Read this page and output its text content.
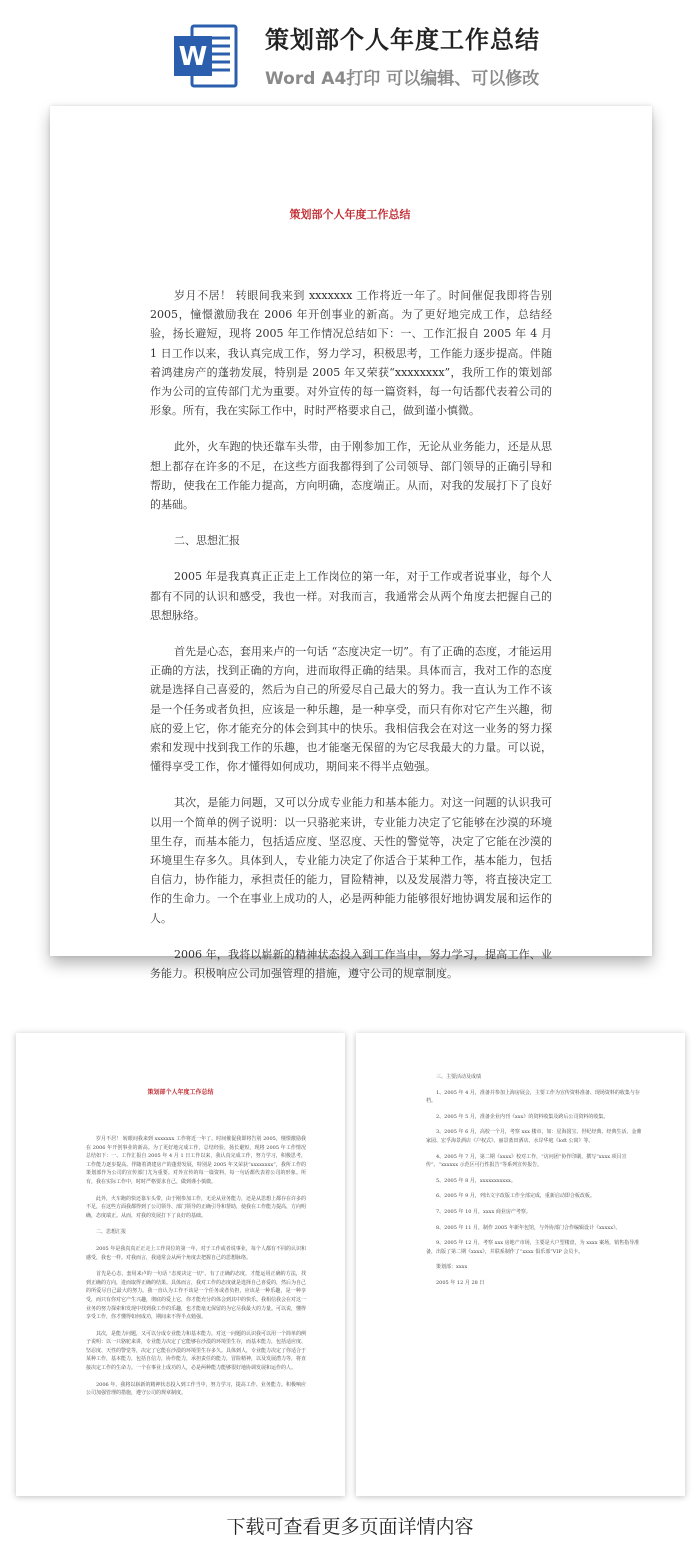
W
策划部个人年度工作总结
Word A4打印 可以编辑、可以修改
策划部个人年度工作总结

岁月不居！ 转眼间我来到 xxxxxxx 工作将近一年了。时间催促我即将告别 2005，憧憬激励我在 2006 年开创事业的新高。为了更好地完成工作，总结经验，扬长避短，现将 2005 年工作情况总结如下：一、工作汇报自 2005 年 4 月 1 日工作以来，我认真完成工作，努力学习，积极思考，工作能力逐步提高。伴随着鸿建房产的蓬勃发展，特别是 2005 年又荣获“xxxxxxxx”，我所工作的策划部作为公司的宣传部门尤为重要。对外宣传的每一篇资料，每一句话都代表着公司的形象。所有，我在实际工作中，时时严格要求自己，做到谨小慎微。

此外，火车跑的快还靠车头带，由于刚参加工作，无论从业务能力，还是从思想上都存在许多的不足，在这些方面我都得到了公司领导、部门领导的正确引导和帮助，使我在工作能力提高，方向明确，态度端正。从而，对我的发展打下了良好的基础。

二、思想汇报

2005 年是我真真正正走上工作岗位的第一年，对于工作或者说事业，每个人都有不同的认识和感受，我也一样。对我而言，我通常会从两个角度去把握自己的思想脉络。

首先是心态，套用来卢的一句话 “态度决定一切”。有了正确的态度，才能运用正确的方法，找到正确的方向，进而取得正确的结果。具体而言，我对工作的态度就是选择自己喜爱的，然后为自己的所爱尽自己最大的努力。我一直认为工作不该是一个任务或者负担，应该是一种乐趣，是一种享受，而只有你对它产生兴趣，彻底的爱上它，你才能充分的体会到其中的快乐。我相信我会在对这一业务的努力探索和发现中找到我工作的乐趣，也才能毫无保留的为它尽我最大的力量。可以说，懂得享受工作，你才懂得如何成功，期间来不得半点勉强。

其次，是能力问题，又可以分成专业能力和基本能力。对这一问题的认识我可以用一个简单的例子说明：以一只骆驼来讲，专业能力决定了它能够在沙漠的环境里生存，而基本能力，包括适应度、坚忍度、天性的警觉等，决定了它能在沙漠的环境里生存多久。具体到人，专业能力决定了你适合于某种工作，基本能力，包括自信力，协作能力，承担责任的能力，冒险精神，以及发展潜力等，将直接决定工作的生命力。一个在事业上成功的人，必是两种能力能够很好地协调发展和运作的人。

2006 年，我将以崭新的精神状态投入到工作当中，努力学习，提高工作、业务能力。积极响应公司加强管理的措施，遵守公司的规章制度。

策划部个人年度工作总结

岁月不居！ 转眼间我来到 xxxxxxx 工作将近一年了。时间催促我即将告别 2005，憧憬激励我在 2006 年开创事业的新高。为了更好地完成工作，总结经验，扬长避短，现将 2005 年工作情况总结如下：一、工作汇报自 2005 年 4 月 1 日工作以来，我认真完成工作，努力学习，积极思考，工作能力逐步提高。伴随着鸿建房产的蓬勃发展，特别是 2005 年又荣获“xxxxxxxx”，我所工作的策划部作为公司的宣传部门尤为重要。对外宣传的每一篇资料，每一句话都代表着公司的形象。所有，我在实际工作中，时时严格要求自己，做到谨小慎微。

此外，火车跑的快还靠车头带，由于刚参加工作，无论从业务能力，还是从思想上都存在许多的不足，在这些方面我都得到了公司领导、部门领导的正确引导和帮助，使我在工作能力提高，方向明确，态度端正。从而，对我的发展打下了良好的基础。

二、思想汇报

2005 年是我真真正正走上工作岗位的第一年，对于工作或者说事业，每个人都有不同的认识和感受，我也一样。对我而言，我通常会从两个角度去把握自己的思想脉络。

首先是心态，套用来卢的一句话 “态度决定一切”。有了正确的态度，才能运用正确的方法，找到正确的方向，进而取得正确的结果。具体而言，我对工作的态度就是选择自己喜爱的，然后为自己的所爱尽自己最大的努力。我一直认为工作不该是一个任务或者负担，应该是一种乐趣，是一种享受，而只有你对它产生兴趣，彻底的爱上它，你才能充分的体会到其中的快乐。我相信我会在对这一业务的努力探索和发现中找到我工作的乐趣，也才能毫无保留的为它尽我最大的力量。可以说，懂得享受工作，你才懂得如何成功，期间来不得半点勉强。

其次，是能力问题，又可以分成专业能力和基本能力。对这一问题的认识我可以用一个简单的例子说明：以一只骆驼来讲，专业能力决定了它能够在沙漠的环境里生存，而基本能力，包括适应度、坚忍度、天性的警觉等，决定了它能在沙漠的环境里生存多久。具体到人，专业能力决定了你适合于某种工作，基本能力，包括自信力，协作能力，承担责任的能力，冒险精神，以及发展潜力等，将直接决定工作的生命力。一个在事业上成功的人，必是两种能力能够很好地协调发展和运作的人。

2006 年，我将以崭新的精神状态投入到工作当中，努力学习，提高工作、业务能力。积极响应公司加强管理的措施，遵守公司的规章制度。

三、主要活动及成绩

1、2005 年 4 月，准备并参加上海房展会，主要工作为宣传资料准备、现场资料的收集与存档。

2、2005 年 5 月，准备企业内刊《xxx》的资料收集及跨后公司资料的收集。

3、2005 年 6 月，高校一个月，考察 xxx 楼市，如：星海国宝、世纪经典、经典生活、金鼎家园、宏孚海景酒店《户权式》、丽景蓝田酒店、水岸华庭《loft 公寓》等。

4、2005 年 7 月，第二期《xxxx》校对工作，“访问团”协作印刷，撰写“xxxx 项目宣传”、“xxxxxx 示范区可行性报告”等系列宣传报告。

5、2005 年 8 月，xxxxxxxxxxx。

6、2005 年 9 月，列出文字改版工作全部完成，重新启动即合板改板。

7、2005 年 10 月，xxxx 商业房产考察。

8、2005 年 11 月，制作 2005 年新年包馆，与外协部门合作编辑设计《xxxxx》。

9、2005 年 12 月，考察 xxx 房地产市场，主要是大户型楼盘，为 xxxx 案场，销售指导准备，出版了第二期《xxxx》，并联系制作了“xxxx 俱乐部”VIP 会员卡。

策划部：xxxx

2005 年 12 月 28 日

下载可查看更多页面详情内容
